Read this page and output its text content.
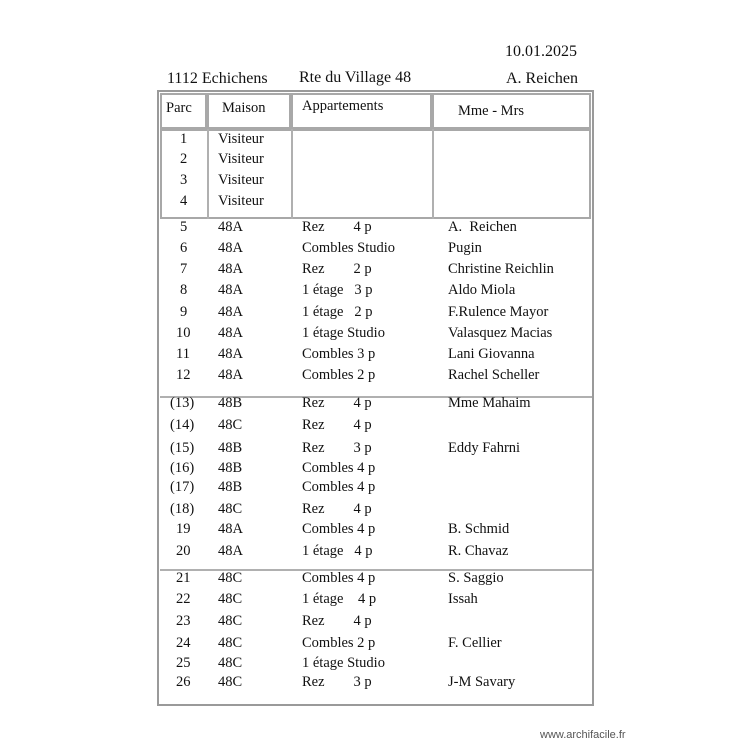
10.01.2025
1112 Echichens Rte du Village 48	A. Reichen
Parc Maison	Appartements	Mme - Mrs
1 Visiteur
2 Visiteur
3 Visiteur
4 Visiteur
5 48A	Rez        4 p	A.  Reichen
6 48A	Combles Studio	Pugin
7 48A	Rez        2 p	Christine Reichlin
8 48A	1 étage   3 p	Aldo Miola
9 48A	1 étage   2 p	F.Rulence Mayor
10 48A	1 étage Studio	Valasquez Macias
11 48A	Combles 3 p	Lani Giovanna
12 48A	Combles 2 p	Rachel Scheller
(13) 48B	Rez        4 p	Mme Mahaim
(14) 48C	Rez        4 p
(15) 48B	Rez        3 p	Eddy Fahrni
(16) 48B	Combles 4 p
(17) 48B	Combles 4 p
(18) 48C	Rez        4 p
19 48A	Combles 4 p	B. Schmid
20 48A	1 étage   4 p	R. Chavaz
21 48C	Combles 4 p	S. Saggio
22 48C	1 étage    4 p	Issah
23 48C	Rez        4 p
24 48C	Combles 2 p	F. Cellier
25 48C	1 étage Studio
26 48C	Rez        3 p	J-M Savary
www.archifacile.fr
